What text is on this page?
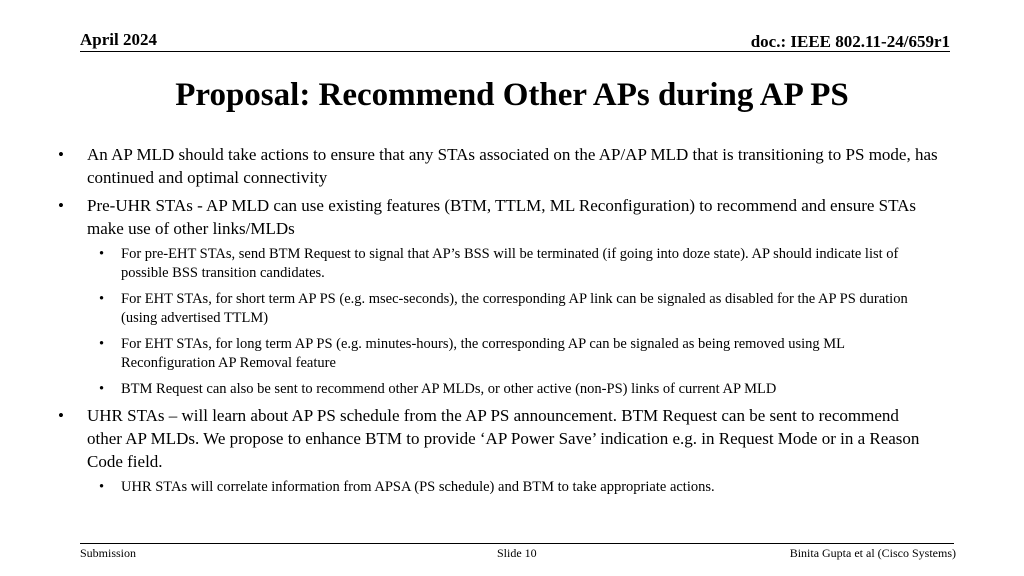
April 2024	doc.: IEEE 802.11-24/659r1
Proposal: Recommend Other APs during AP PS
• An AP MLD should take actions to ensure that any STAs associated on the AP/AP MLD that is transitioning to PS mode, has continued and optimal connectivity
• Pre-UHR STAs - AP MLD can use existing features (BTM, TTLM, ML Reconfiguration) to recommend and ensure STAs make use of other links/MLDs
• For pre-EHT STAs, send BTM Request to signal that AP’s BSS will be terminated (if going into doze state). AP should indicate list of possible BSS transition candidates.
• For EHT STAs, for short term AP PS (e.g. msec-seconds), the corresponding AP link can be signaled as disabled for the AP PS duration (using advertised TTLM)
• For EHT STAs, for long term AP PS (e.g. minutes-hours), the corresponding AP can be signaled as being removed using ML Reconfiguration AP Removal feature
• BTM Request can also be sent to recommend other AP MLDs, or other active (non-PS) links of current AP MLD
• UHR STAs – will learn about AP PS schedule from the AP PS announcement. BTM Request can be sent to recommend other AP MLDs. We propose to enhance BTM to provide ‘AP Power Save’ indication e.g. in Request Mode or in a Reason Code field.
• UHR STAs will correlate information from APSA (PS schedule) and BTM to take appropriate actions.
Submission	Slide 10	Binita Gupta et al (Cisco Systems)
